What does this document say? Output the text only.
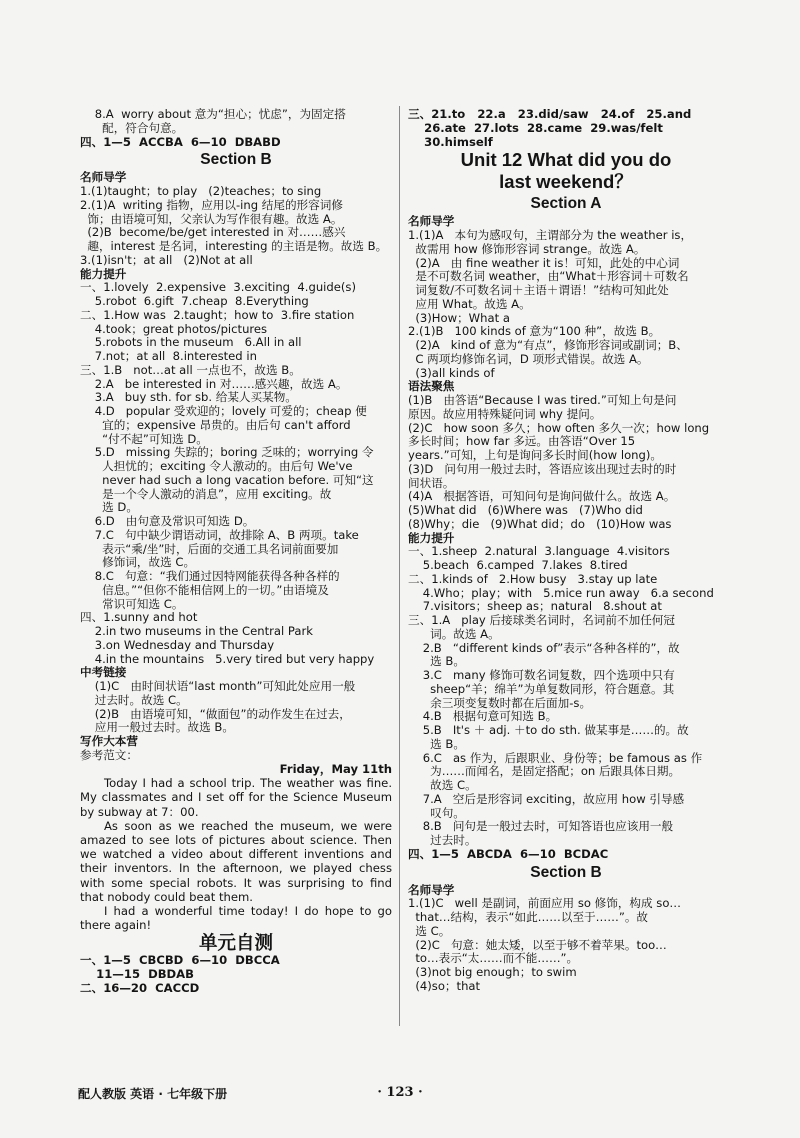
8.A  worry about 意为“担心；忧虑”，为固定搭
配，符合句意。
四、1—5  ACCBA  6—10  DBABD
Section B
名师导学
1.(1)taught；to play   (2)teaches；to sing
2.(1)A  writing 指物，应用以-ing 结尾的形容词修
饰；由语境可知，父亲认为写作很有趣。故选 A。
(2)B  become/be/get interested in 对……感兴
趣，interest 是名词，interesting 的主语是物。故选 B。
3.(1)isn't；at all   (2)Not at all
能力提升
一、1.lovely  2.expensive  3.exciting  4.guide(s)
5.robot  6.gift  7.cheap  8.Everything
二、1.How was  2.taught；how to  3.fire station
4.took；great photos/pictures
5.robots in the museum   6.All in all
7.not；at all  8.interested in
三、1.B   not…at all 一点也不，故选 B。
2.A   be interested in 对……感兴趣，故选 A。
3.A   buy sth. for sb. 给某人买某物。
4.D   popular 受欢迎的；lovely 可爱的；cheap 便
宜的；expensive 昂贵的。由后句 can't afford
“付不起”可知选 D。
5.D   missing 失踪的；boring 乏味的；worrying 令
人担忧的；exciting 令人激动的。由后句 We've
never had such a long vacation before. 可知“这
是一个令人激动的消息”，应用 exciting。故
选 D。
6.D   由句意及常识可知选 D。
7.C   句中缺少谓语动词，故排除 A、B 两项。take
表示“乘/坐”时，后面的交通工具名词前面要加
修饰词，故选 C。
8.C   句意：“我们通过因特网能获得各种各样的
信息。”“但你不能相信网上的一切。”由语境及
常识可知选 C。
四、1.sunny and hot
2.in two museums in the Central Park
3.on Wednesday and Thursday
4.in the mountains   5.very tired but very happy
中考链接
(1)C   由时间状语“last month”可知此处应用一般
过去时。故选 C。
(2)B   由语境可知，“做面包”的动作发生在过去，
应用一般过去时。故选 B。
写作大本营
参考范文：
Friday，May 11th
Today I had a school trip. The weather was fine. My classmates and I set off for the Science Museum by subway at 7：00.
As soon as we reached the museum, we were amazed to see lots of pictures about science. Then we watched a video about different inventions and their inventors. In the afternoon, we played chess with some special robots. It was surprising to find that nobody could beat them.
I had a wonderful time today! I do hope to go there again!
单元自测
一、1—5  CBCBD  6—10  DBCCA
11—15  DBDAB
二、16—20  CACCD
三、21.to   22.a   23.did/saw   24.of   25.and
26.ate  27.lots  28.came  29.was/felt
30.himself
Unit 12 What did you do
last weekend？
Section A
名师导学
1.(1)A   本句为感叹句，主谓部分为 the weather is，
故需用 how 修饰形容词 strange。故选 A。
(2)A   由 fine weather it is！可知，此处的中心词
是不可数名词 weather，由“What＋形容词＋可数名
词复数/不可数名词＋主语＋谓语！”结构可知此处
应用 What。故选 A。
(3)How；What a
2.(1)B   100 kinds of 意为“100 种”，故选 B。
(2)A   kind of 意为“有点”，修饰形容词或副词；B、
C 两项均修饰名词，D 项形式错误。故选 A。
(3)all kinds of
语法聚焦
(1)B   由答语“Because I was tired.”可知上句是问
原因。故应用特殊疑问词 why 提问。
(2)C   how soon 多久；how often 多久一次；how long
多长时间；how far 多远。由答语“Over 15
years.”可知，上句是询问多长时间(how long)。
(3)D   问句用一般过去时，答语应该出现过去时的时
间状语。
(4)A   根据答语，可知问句是询问做什么。故选 A。
(5)What did   (6)Where was   (7)Who did
(8)Why；die   (9)What did；do   (10)How was
能力提升
一、1.sheep  2.natural  3.language  4.visitors
5.beach  6.camped  7.lakes  8.tired
二、1.kinds of   2.How busy   3.stay up late
4.Who；play；with   5.mice run away   6.a second
7.visitors；sheep as；natural   8.shout at
三、1.A   play 后接球类名词时，名词前不加任何冠
词。故选 A。
2.B   “different kinds of”表示“各种各样的”，故
选 B。
3.C   many 修饰可数名词复数，四个选项中只有
sheep“羊；绵羊”为单复数同形，符合题意。其
余三项变复数时都在后面加-s。
4.B   根据句意可知选 B。
5.B   It's ＋ adj. ＋to do sth. 做某事是……的。故
选 B。
6.C   as 作为，后跟职业、身份等；be famous as 作
为……而闻名，是固定搭配；on 后跟具体日期。
故选 C。
7.A   空后是形容词 exciting，故应用 how 引导感
叹句。
8.B   问句是一般过去时，可知答语也应该用一般
过去时。
四、1—5  ABCDA  6—10  BCDAC
Section B
名师导学
1.(1)C   well 是副词，前面应用 so 修饰，构成 so…
that…结构，表示“如此……以至于……”。故
选 C。
(2)C   句意：她太矮，以至于够不着苹果。too…
to…表示“太……而不能……”。
(3)not big enough；to swim
(4)so；that
配人教版 英语 · 七年级下册	· 123 ·
